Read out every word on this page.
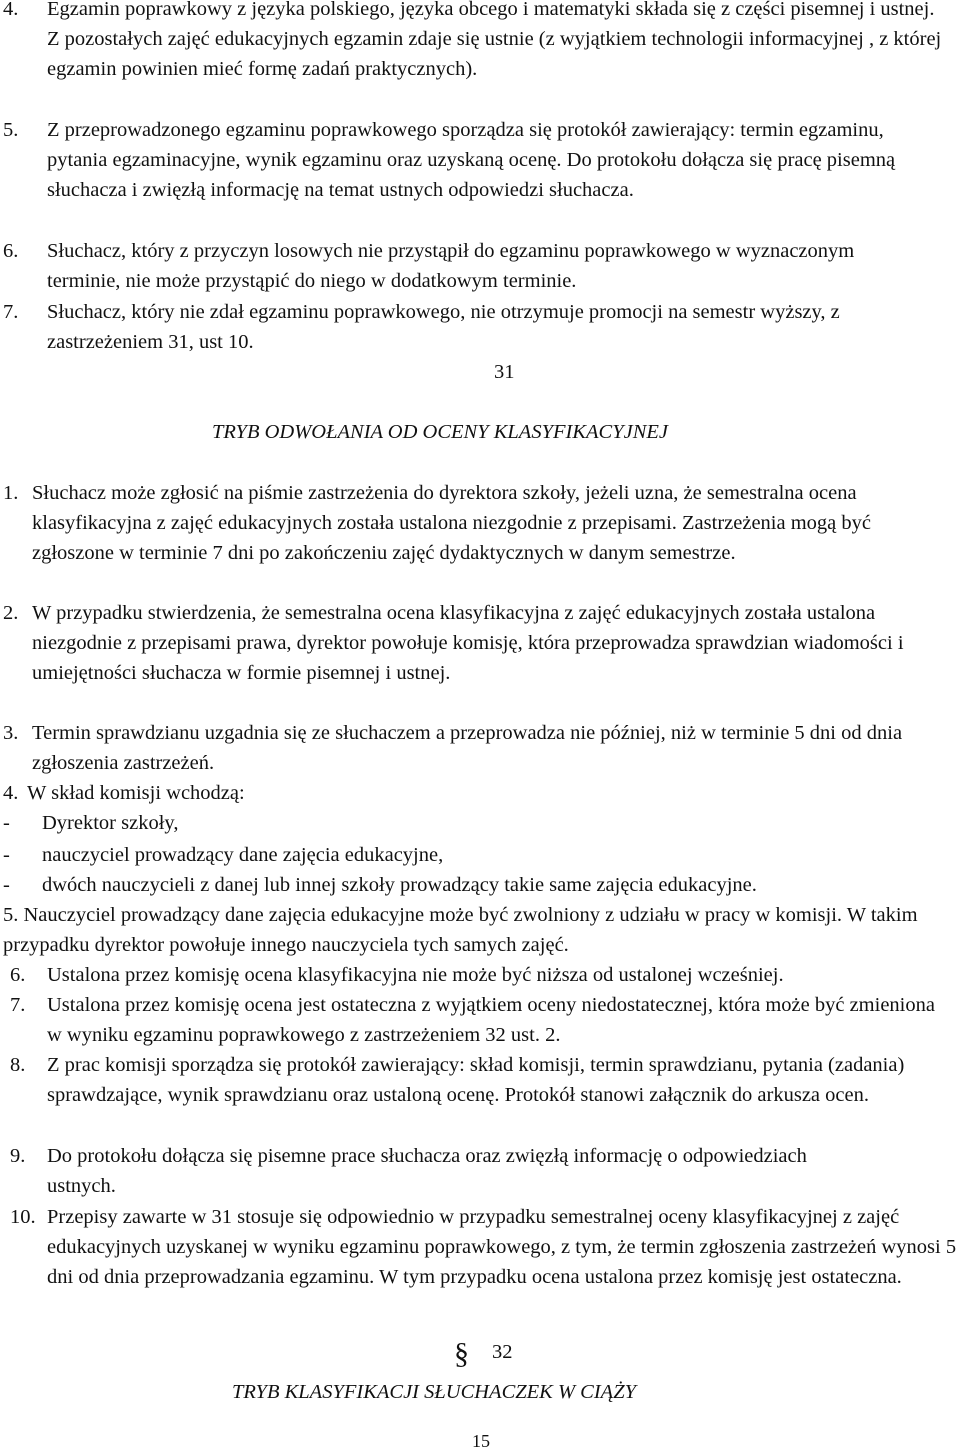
4. Egzamin poprawkowy z języka polskiego, języka obcego i matematyki składa się z części pisemnej i ustnej. Z pozostałych zajęć edukacyjnych egzamin zdaje się ustnie (z wyjątkiem technologii informacyjnej , z której egzamin powinien mieć formę zadań praktycznych).
5. Z przeprowadzonego egzaminu poprawkowego sporządza się protokół zawierający: termin egzaminu, pytania egzaminacyjne, wynik egzaminu oraz uzyskaną ocenę. Do protokołu dołącza się pracę pisemną słuchacza i zwięzłą informację na temat ustnych odpowiedzi słuchacza.
6. Słuchacz, który z przyczyn losowych nie przystąpił do egzaminu poprawkowego w wyznaczonym terminie, nie może przystąpić do niego w dodatkowym terminie.
7. Słuchacz, który nie zdał egzaminu poprawkowego, nie otrzymuje promocji na semestr wyższy, z zastrzeżeniem 31, ust 10.
31
TRYB ODWOŁANIA OD OCENY KLASYFIKACYJNEJ
1. Słuchacz może zgłosić na piśmie zastrzeżenia do dyrektora szkoły, jeżeli uzna, że semestralna ocena klasyfikacyjna z zajęć edukacyjnych została ustalona niezgodnie z przepisami. Zastrzeżenia mogą być zgłoszone w terminie 7 dni po zakończeniu zajęć dydaktycznych w danym semestrze.
2. W przypadku stwierdzenia, że semestralna ocena klasyfikacyjna z zajęć edukacyjnych została ustalona niezgodnie z przepisami prawa, dyrektor powołuje komisję, która przeprowadza sprawdzian wiadomości i umiejętności słuchacza w formie pisemnej i ustnej.
3. Termin sprawdzianu uzgadnia się ze słuchaczem a przeprowadza nie później, niż w terminie 5 dni od dnia zgłoszenia zastrzeżeń.
4. W skład komisji wchodzą:
- Dyrektor szkoły,
- nauczyciel prowadzący dane zajęcia edukacyjne,
- dwóch nauczycieli z danej lub innej szkoły prowadzący takie same zajęcia edukacyjne.
5. Nauczyciel prowadzący dane zajęcia edukacyjne może być zwolniony z udziału w pracy w komisji. W takim przypadku dyrektor powołuje innego nauczyciela tych samych zajęć.
6. Ustalona przez komisję ocena klasyfikacyjna nie może być niższa od ustalonej wcześniej.
7. Ustalona przez komisję ocena jest ostateczna z wyjątkiem oceny niedostatecznej, która może być zmieniona w wyniku egzaminu poprawkowego z zastrzeżeniem 32 ust. 2.
8. Z prac komisji sporządza się protokół zawierający: skład komisji, termin sprawdzianu, pytania (zadania) sprawdzające, wynik sprawdzianu oraz ustaloną ocenę. Protokół stanowi załącznik do arkusza ocen.
9. Do protokołu dołącza się pisemne prace słuchacza oraz zwięzłą informację o odpowiedziach ustnych.
10. Przepisy zawarte w 31 stosuje się odpowiednio w przypadku semestralnej oceny klasyfikacyjnej z zajęć edukacyjnych uzyskanej w wyniku egzaminu poprawkowego, z tym, że termin zgłoszenia zastrzeżeń wynosi 5 dni od dnia przeprowadzania egzaminu. W tym przypadku ocena ustalona przez komisję jest ostateczna.
§ 32
TRYB KLASYFIKACJI SŁUCHACZEK W CIĄŻY
15
